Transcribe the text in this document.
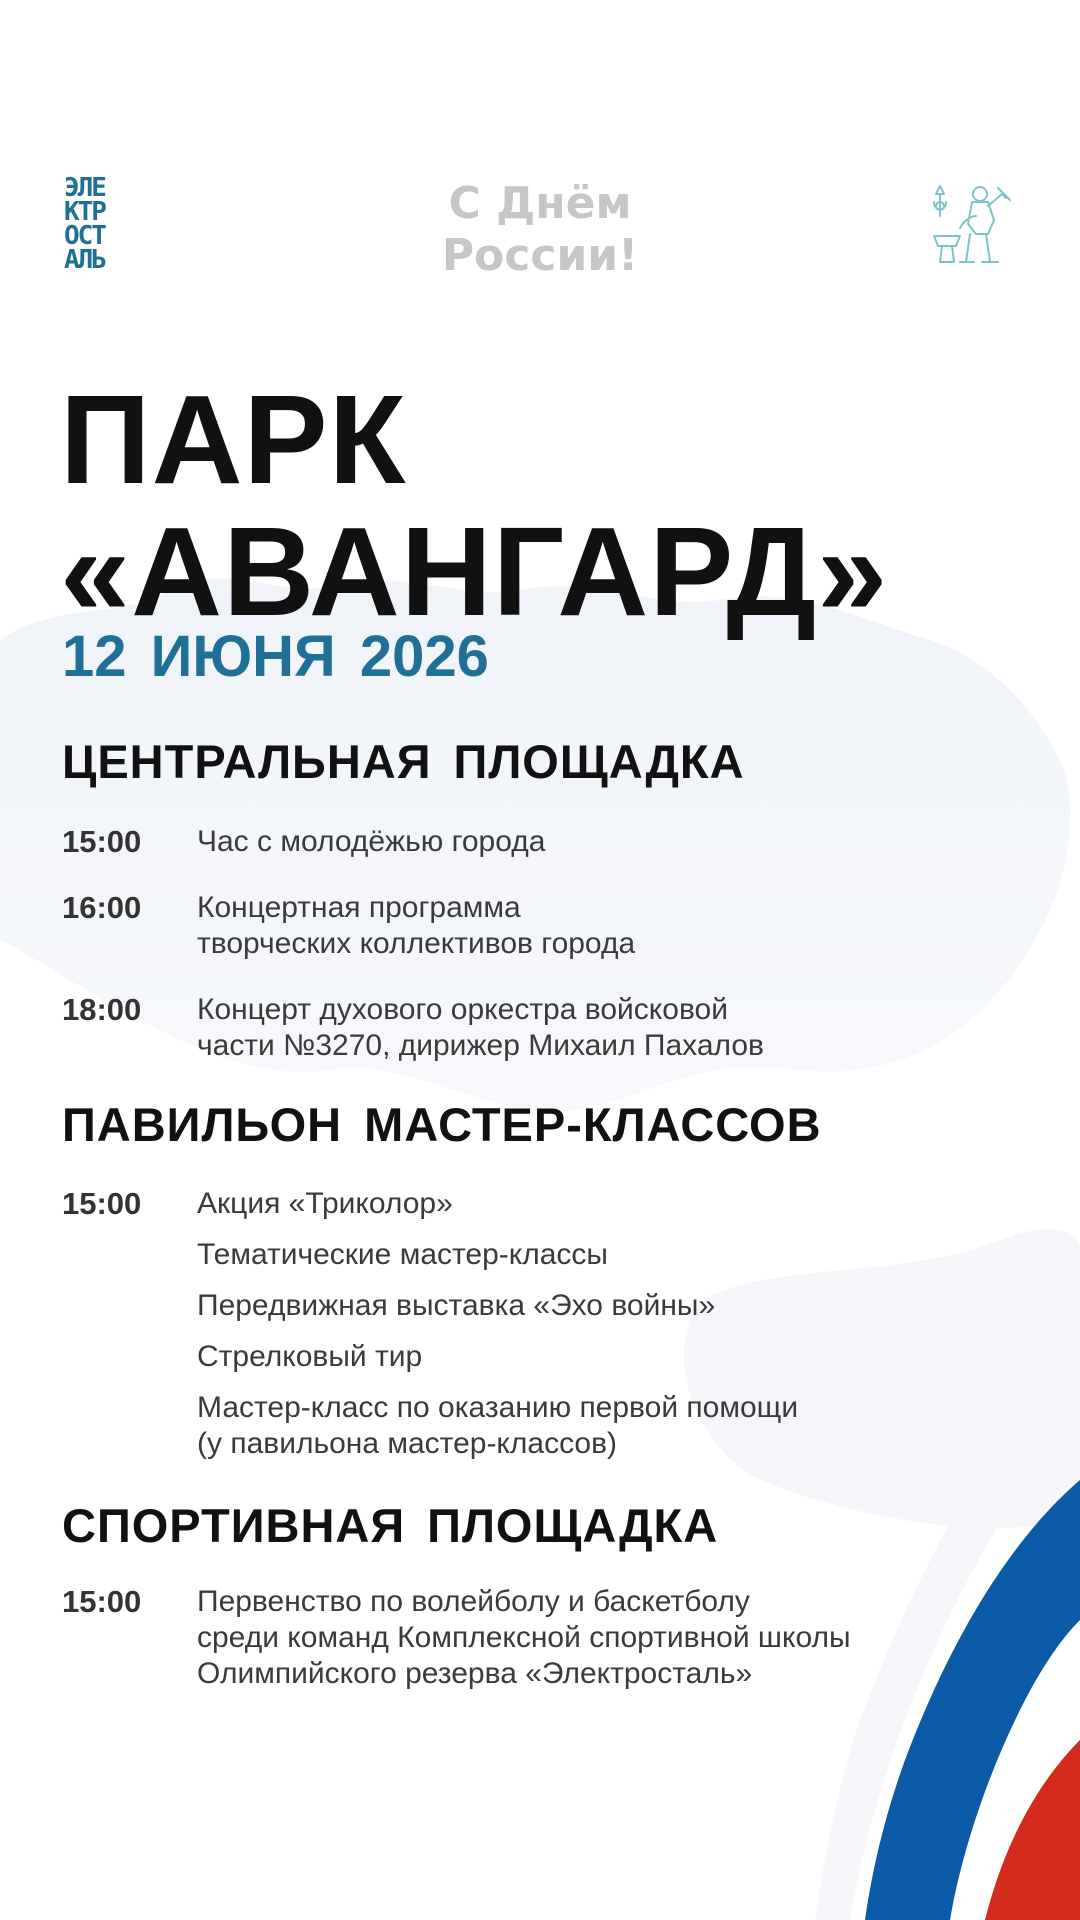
ЭЛЕ
КТР
ОСТ
АЛЬ
С Днём
России!
ПАРК
«АВАНГАРД»
12 ИЮНЯ 2026
ЦЕНТРАЛЬНАЯ ПЛОЩАДКА
15:00 Час с молодёжью города
16:00 Концертная программа
творческих коллективов города
18:00 Концерт духового оркестра войсковой
части №3270, дирижер Михаил Пахалов
ПАВИЛЬОН МАСТЕР-КЛАССОВ
15:00 Акция «Триколор»
Тематические мастер-классы
Передвижная выставка «Эхо войны»
Стрелковый тир
Мастер-класс по оказанию первой помощи
(у павильона мастер-классов)
СПОРТИВНАЯ ПЛОЩАДКА
15:00 Первенство по волейболу и баскетболу
среди команд Комплексной спортивной школы
Олимпийского резерва «Электросталь»
